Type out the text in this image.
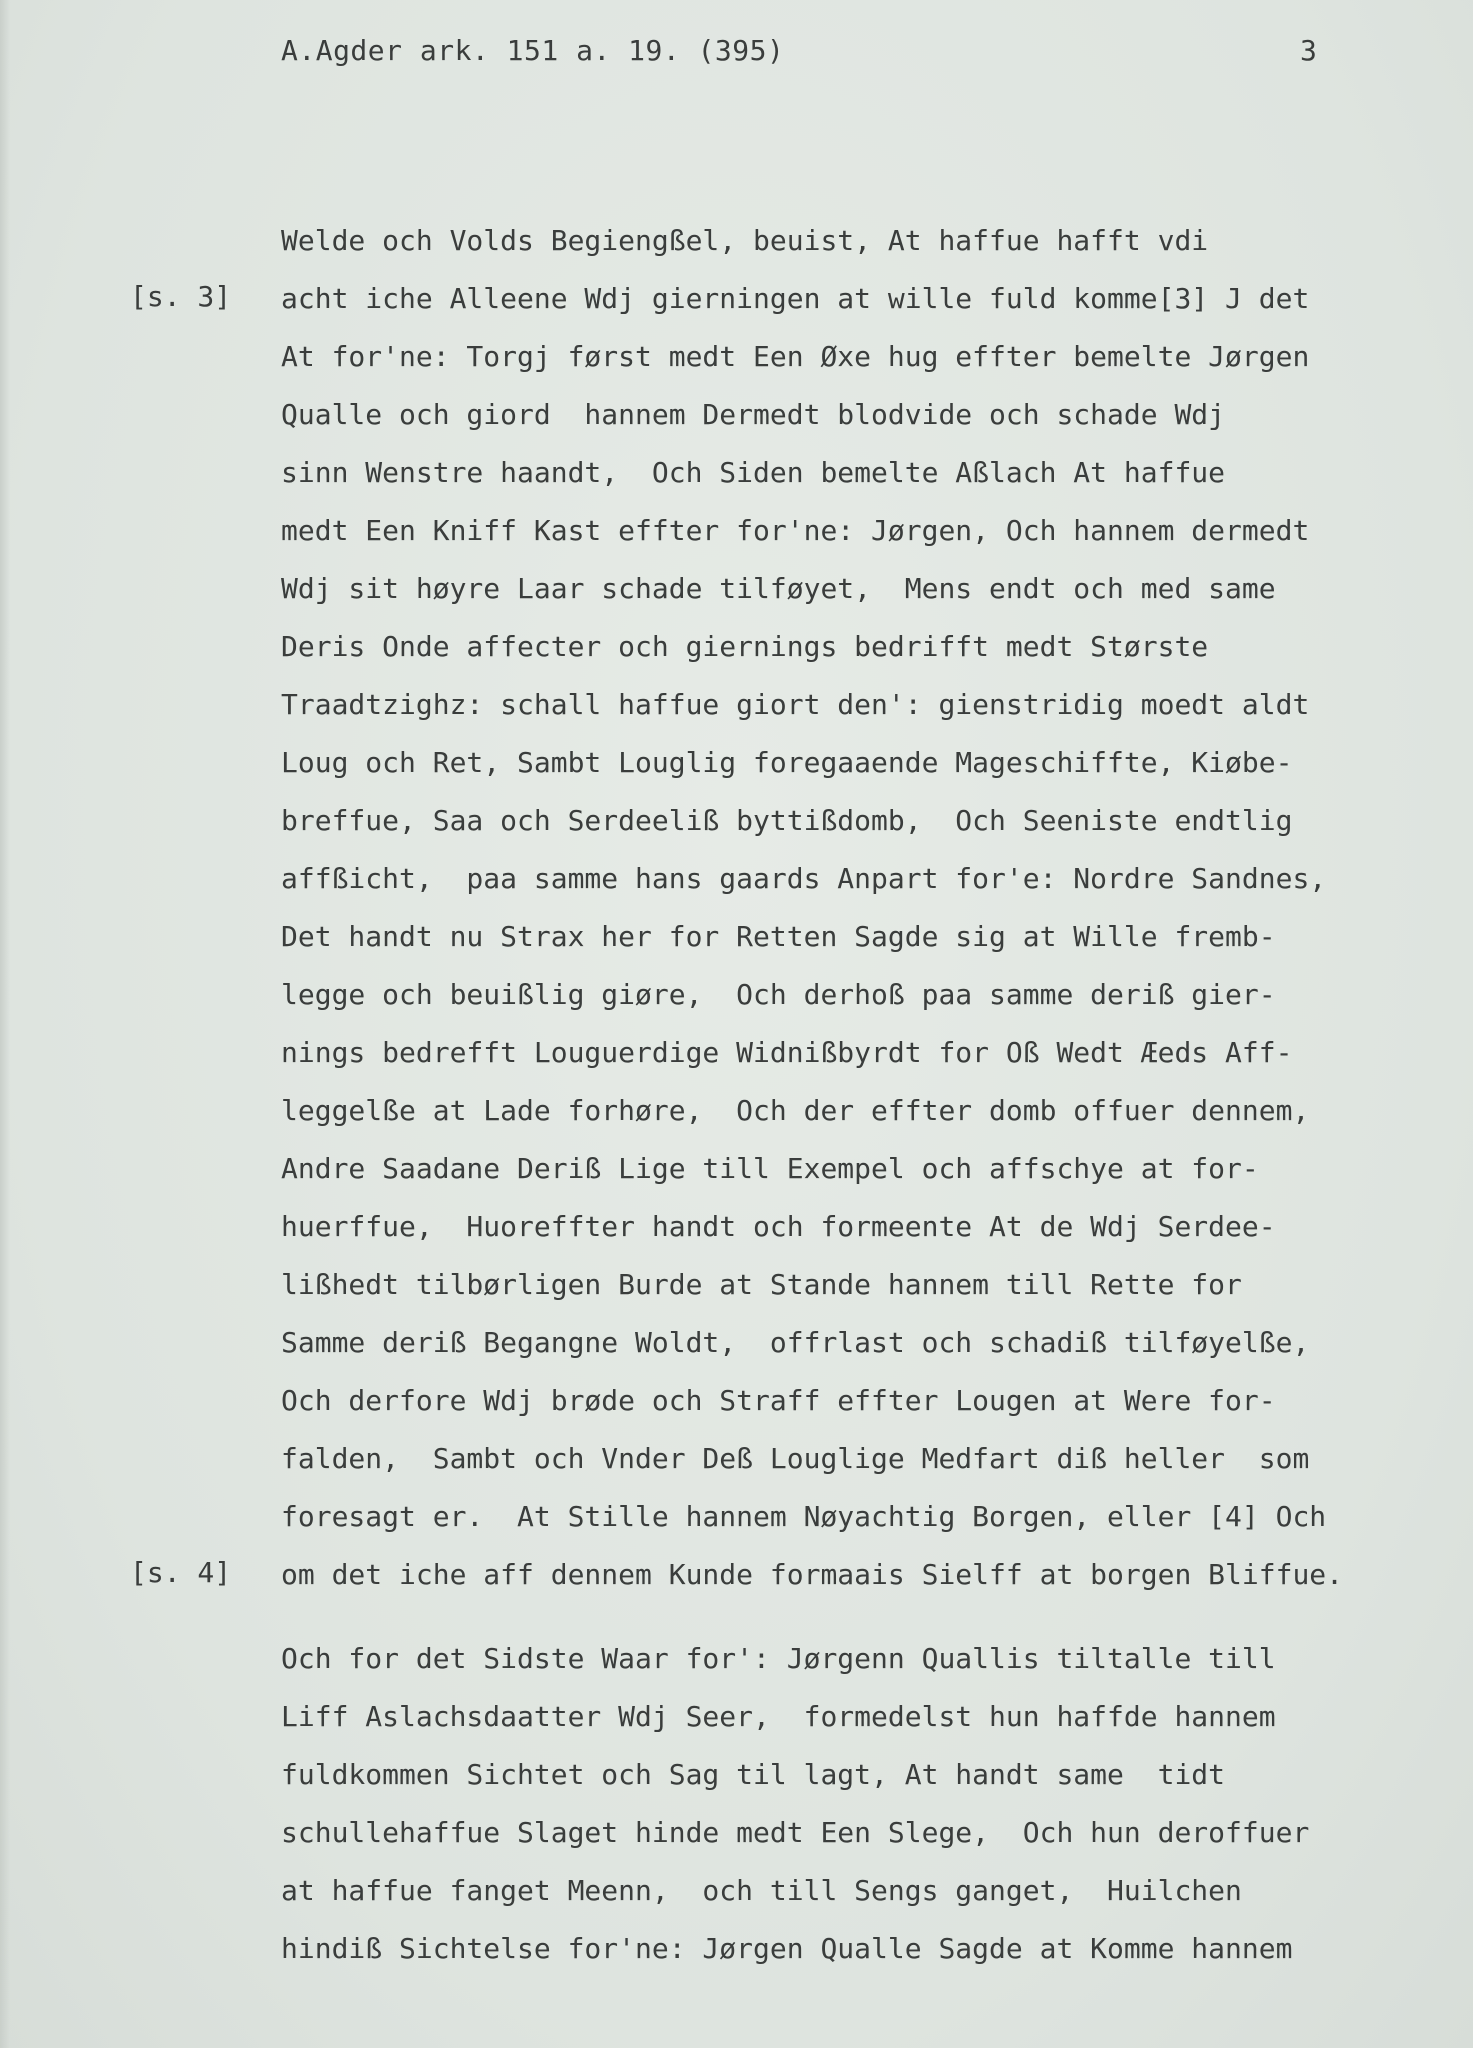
A.Agder ark. 151 a. 19. (395)	3
[s. 3]
[s. 4]
Welde och Volds Begiengßel, beuist, At haffue hafft vdi
acht iche Alleene Wdj gierningen at wille fuld komme[3] J det
At for'ne: Torgj først medt Een Øxe hug effter bemelte Jørgen
Qualle och giord  hannem Dermedt blodvide och schade Wdj
sinn Wenstre haandt,  Och Siden bemelte Aßlach At haffue
medt Een Kniff Kast effter for'ne: Jørgen, Och hannem dermedt
Wdj sit høyre Laar schade tilføyet,  Mens endt och med same
Deris Onde affecter och giernings bedrifft medt Største
Traadtzighz: schall haffue giort den': gienstridig moedt aldt
Loug och Ret, Sambt Louglig foregaaende Mageschiffte, Kiøbe-
breffue, Saa och Serdeeliß byttißdomb,  Och Seeniste endtlig
affßicht,  paa samme hans gaards Anpart for'e: Nordre Sandnes,
Det handt nu Strax her for Retten Sagde sig at Wille fremb-
legge och beuißlig giøre,  Och derhoß paa samme deriß gier-
nings bedrefft Louguerdige Widnißbyrdt for Oß Wedt Æeds Aff-
leggelße at Lade forhøre,  Och der effter domb offuer dennem,
Andre Saadane Deriß Lige till Exempel och affschye at for-
huerffue,  Huoreffter handt och formeente At de Wdj Serdee-
lißhedt tilbørligen Burde at Stande hannem till Rette for
Samme deriß Begangne Woldt,  offrlast och schadiß tilføyelße,
Och derfore Wdj brøde och Straff effter Lougen at Were for-
falden,  Sambt och Vnder Deß Louglige Medfart diß heller  som
foresagt er.  At Stille hannem Nøyachtig Borgen, eller [4] Och
om det iche aff dennem Kunde formaais Sielff at borgen Bliffue.
Och for det Sidste Waar for': Jørgenn Quallis tiltalle till
Liff Aslachsdaatter Wdj Seer,  formedelst hun haffde hannem
fuldkommen Sichtet och Sag til lagt, At handt same  tidt
schullehaffue Slaget hinde medt Een Slege,  Och hun deroffuer
at haffue fanget Meenn,  och till Sengs ganget,  Huilchen
hindiß Sichtelse for'ne: Jørgen Qualle Sagde at Komme hannem
